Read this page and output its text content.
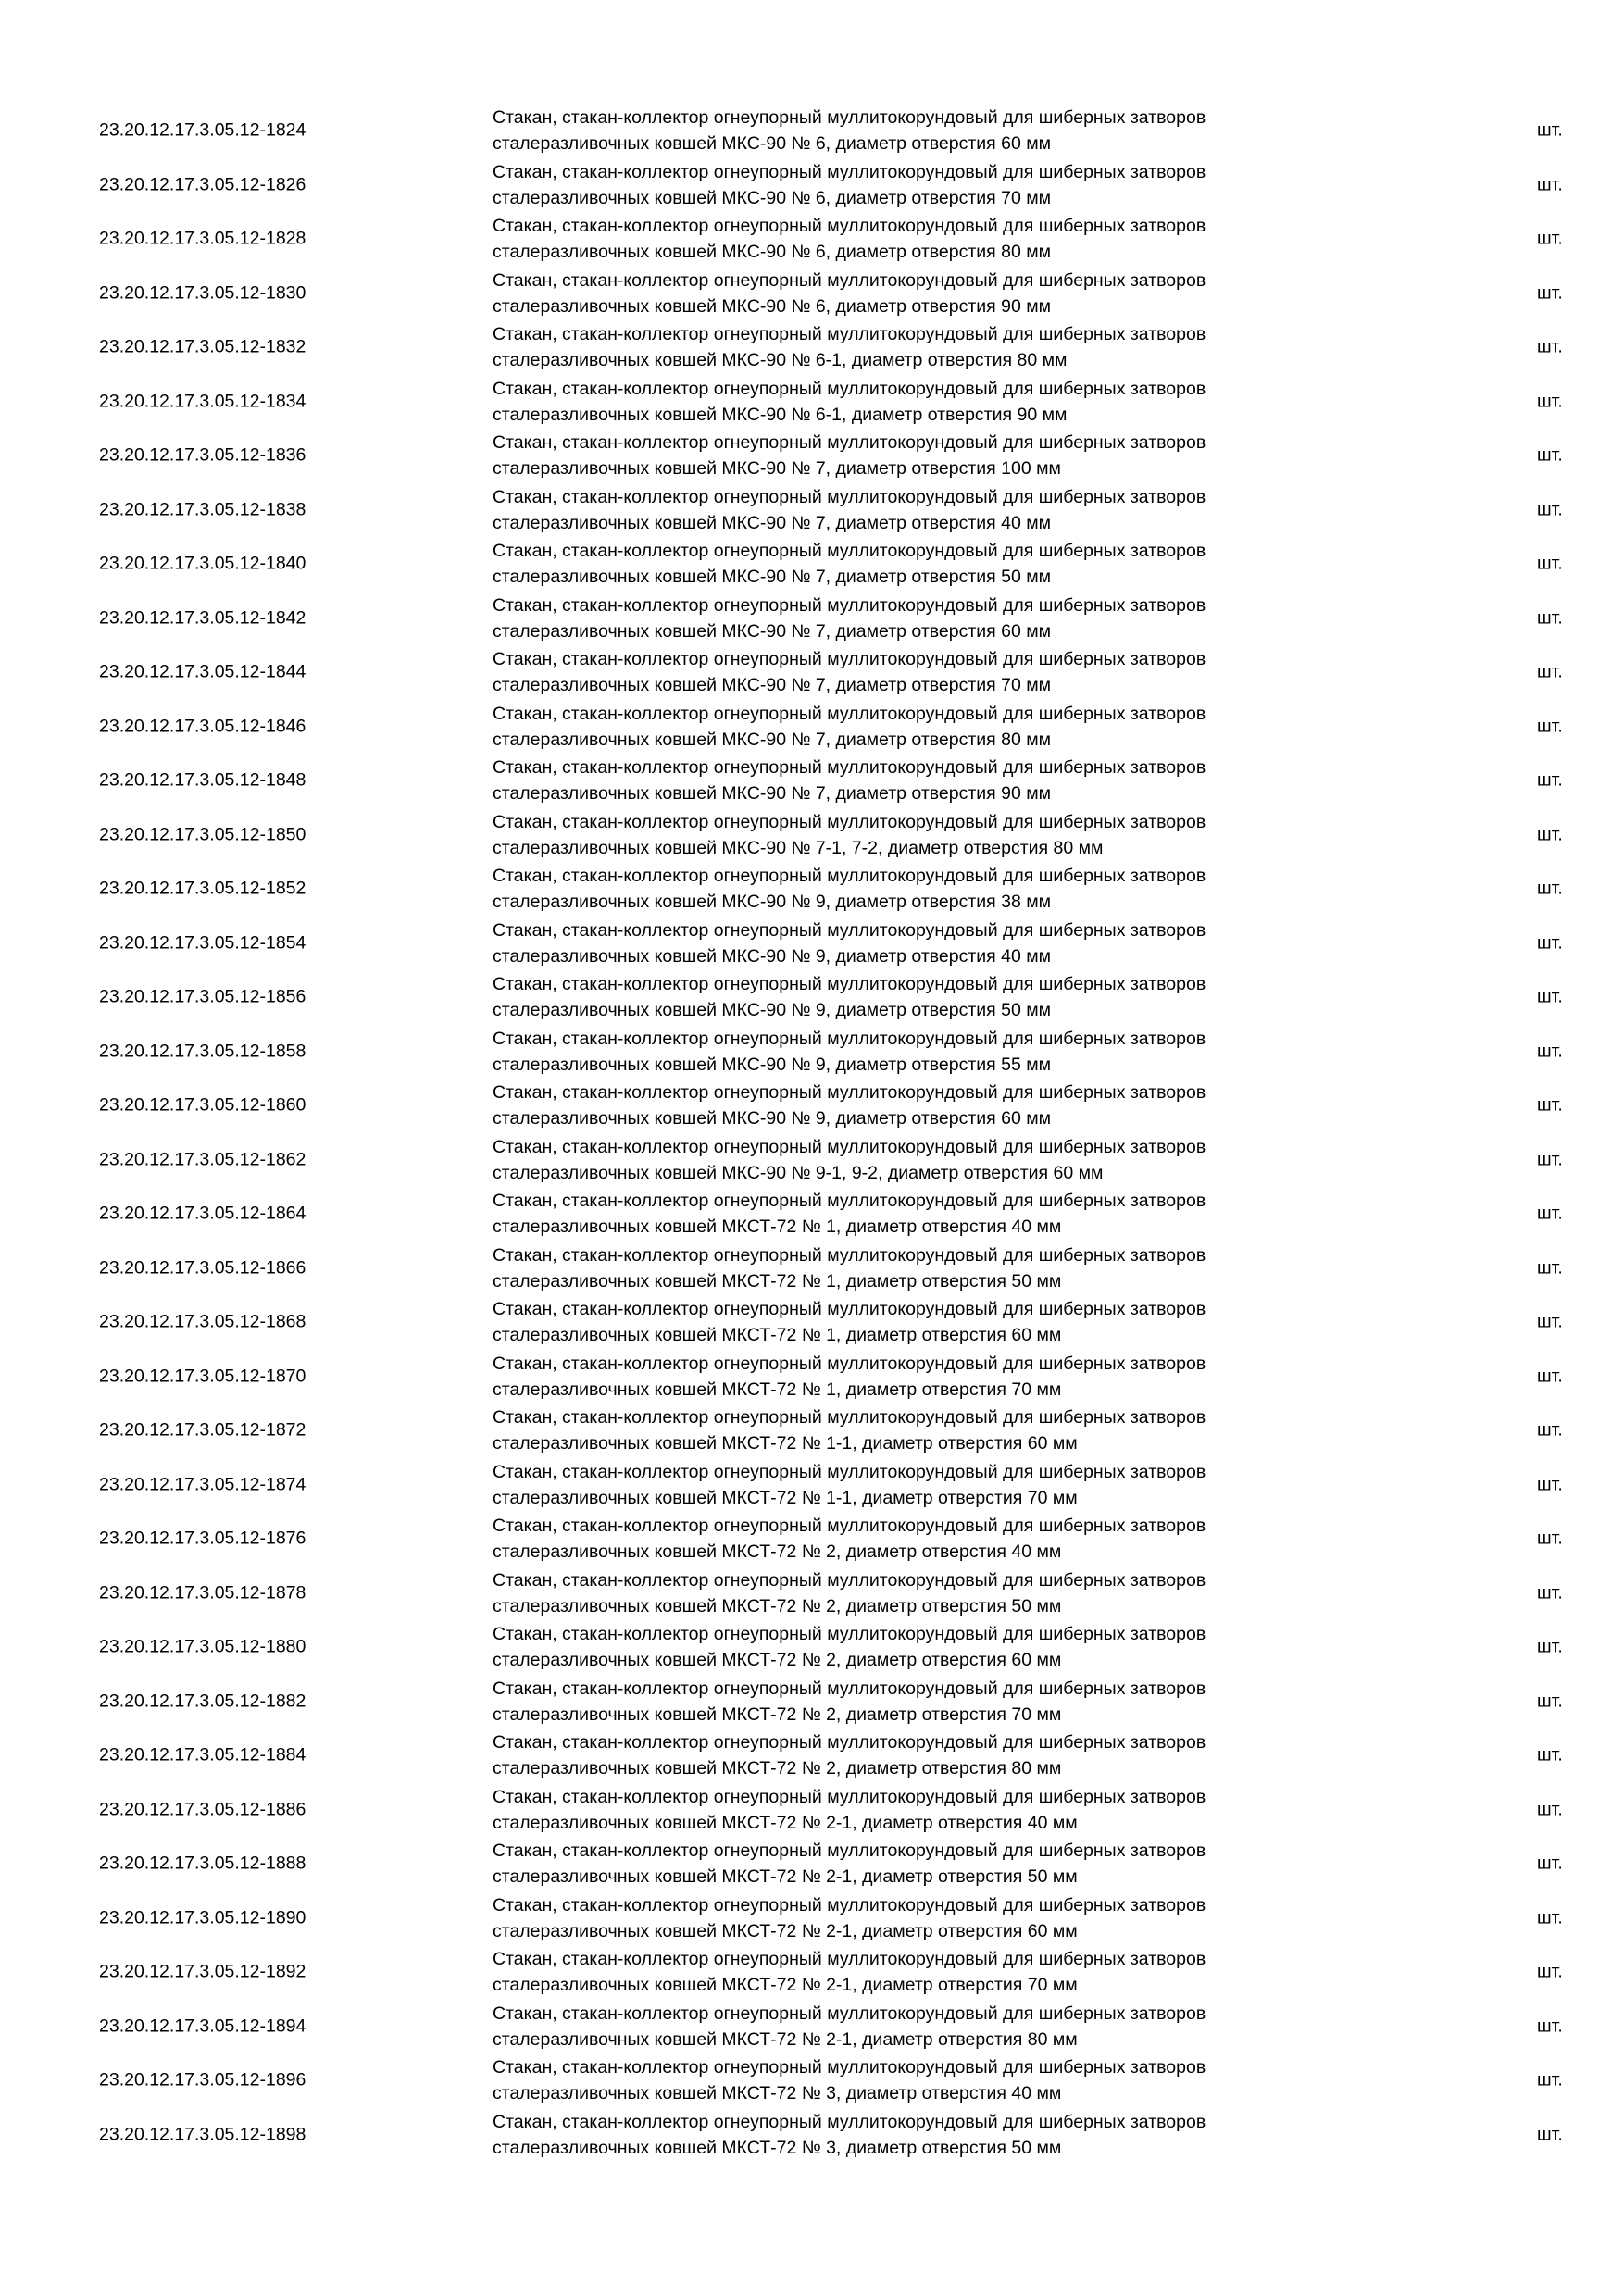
23.20.12.17.3.05.12-1824
Стакан, стакан-коллектор огнеупорный муллитокорундовый для шиберных затворов
сталеразливочных ковшей МКС-90 № 6, диаметр отверстия 60 мм
шт.
23.20.12.17.3.05.12-1826
Стакан, стакан-коллектор огнеупорный муллитокорундовый для шиберных затворов
сталеразливочных ковшей МКС-90 № 6, диаметр отверстия 70 мм
шт.
23.20.12.17.3.05.12-1828
Стакан, стакан-коллектор огнеупорный муллитокорундовый для шиберных затворов
сталеразливочных ковшей МКС-90 № 6, диаметр отверстия 80 мм
шт.
23.20.12.17.3.05.12-1830
Стакан, стакан-коллектор огнеупорный муллитокорундовый для шиберных затворов
сталеразливочных ковшей МКС-90 № 6, диаметр отверстия 90 мм
шт.
23.20.12.17.3.05.12-1832
Стакан, стакан-коллектор огнеупорный муллитокорундовый для шиберных затворов
сталеразливочных ковшей МКС-90 № 6-1, диаметр отверстия 80 мм
шт.
23.20.12.17.3.05.12-1834
Стакан, стакан-коллектор огнеупорный муллитокорундовый для шиберных затворов
сталеразливочных ковшей МКС-90 № 6-1, диаметр отверстия 90 мм
шт.
23.20.12.17.3.05.12-1836
Стакан, стакан-коллектор огнеупорный муллитокорундовый для шиберных затворов
сталеразливочных ковшей МКС-90 № 7, диаметр отверстия 100 мм
шт.
23.20.12.17.3.05.12-1838
Стакан, стакан-коллектор огнеупорный муллитокорундовый для шиберных затворов
сталеразливочных ковшей МКС-90 № 7, диаметр отверстия 40 мм
шт.
23.20.12.17.3.05.12-1840
Стакан, стакан-коллектор огнеупорный муллитокорундовый для шиберных затворов
сталеразливочных ковшей МКС-90 № 7, диаметр отверстия 50 мм
шт.
23.20.12.17.3.05.12-1842
Стакан, стакан-коллектор огнеупорный муллитокорундовый для шиберных затворов
сталеразливочных ковшей МКС-90 № 7, диаметр отверстия 60 мм
шт.
23.20.12.17.3.05.12-1844
Стакан, стакан-коллектор огнеупорный муллитокорундовый для шиберных затворов
сталеразливочных ковшей МКС-90 № 7, диаметр отверстия 70 мм
шт.
23.20.12.17.3.05.12-1846
Стакан, стакан-коллектор огнеупорный муллитокорундовый для шиберных затворов
сталеразливочных ковшей МКС-90 № 7, диаметр отверстия 80 мм
шт.
23.20.12.17.3.05.12-1848
Стакан, стакан-коллектор огнеупорный муллитокорундовый для шиберных затворов
сталеразливочных ковшей МКС-90 № 7, диаметр отверстия 90 мм
шт.
23.20.12.17.3.05.12-1850
Стакан, стакан-коллектор огнеупорный муллитокорундовый для шиберных затворов
сталеразливочных ковшей МКС-90 № 7-1, 7-2, диаметр отверстия 80 мм
шт.
23.20.12.17.3.05.12-1852
Стакан, стакан-коллектор огнеупорный муллитокорундовый для шиберных затворов
сталеразливочных ковшей МКС-90 № 9, диаметр отверстия 38 мм
шт.
23.20.12.17.3.05.12-1854
Стакан, стакан-коллектор огнеупорный муллитокорундовый для шиберных затворов
сталеразливочных ковшей МКС-90 № 9, диаметр отверстия 40 мм
шт.
23.20.12.17.3.05.12-1856
Стакан, стакан-коллектор огнеупорный муллитокорундовый для шиберных затворов
сталеразливочных ковшей МКС-90 № 9, диаметр отверстия 50 мм
шт.
23.20.12.17.3.05.12-1858
Стакан, стакан-коллектор огнеупорный муллитокорундовый для шиберных затворов
сталеразливочных ковшей МКС-90 № 9, диаметр отверстия 55 мм
шт.
23.20.12.17.3.05.12-1860
Стакан, стакан-коллектор огнеупорный муллитокорундовый для шиберных затворов
сталеразливочных ковшей МКС-90 № 9, диаметр отверстия 60 мм
шт.
23.20.12.17.3.05.12-1862
Стакан, стакан-коллектор огнеупорный муллитокорундовый для шиберных затворов
сталеразливочных ковшей МКС-90 № 9-1, 9-2, диаметр отверстия 60 мм
шт.
23.20.12.17.3.05.12-1864
Стакан, стакан-коллектор огнеупорный муллитокорундовый для шиберных затворов
сталеразливочных ковшей МКСТ-72 № 1, диаметр отверстия 40 мм
шт.
23.20.12.17.3.05.12-1866
Стакан, стакан-коллектор огнеупорный муллитокорундовый для шиберных затворов
сталеразливочных ковшей МКСТ-72 № 1, диаметр отверстия 50 мм
шт.
23.20.12.17.3.05.12-1868
Стакан, стакан-коллектор огнеупорный муллитокорундовый для шиберных затворов
сталеразливочных ковшей МКСТ-72 № 1, диаметр отверстия 60 мм
шт.
23.20.12.17.3.05.12-1870
Стакан, стакан-коллектор огнеупорный муллитокорундовый для шиберных затворов
сталеразливочных ковшей МКСТ-72 № 1, диаметр отверстия 70 мм
шт.
23.20.12.17.3.05.12-1872
Стакан, стакан-коллектор огнеупорный муллитокорундовый для шиберных затворов
сталеразливочных ковшей МКСТ-72 № 1-1, диаметр отверстия 60 мм
шт.
23.20.12.17.3.05.12-1874
Стакан, стакан-коллектор огнеупорный муллитокорундовый для шиберных затворов
сталеразливочных ковшей МКСТ-72 № 1-1, диаметр отверстия 70 мм
шт.
23.20.12.17.3.05.12-1876
Стакан, стакан-коллектор огнеупорный муллитокорундовый для шиберных затворов
сталеразливочных ковшей МКСТ-72 № 2, диаметр отверстия 40 мм
шт.
23.20.12.17.3.05.12-1878
Стакан, стакан-коллектор огнеупорный муллитокорундовый для шиберных затворов
сталеразливочных ковшей МКСТ-72 № 2, диаметр отверстия 50 мм
шт.
23.20.12.17.3.05.12-1880
Стакан, стакан-коллектор огнеупорный муллитокорундовый для шиберных затворов
сталеразливочных ковшей МКСТ-72 № 2, диаметр отверстия 60 мм
шт.
23.20.12.17.3.05.12-1882
Стакан, стакан-коллектор огнеупорный муллитокорундовый для шиберных затворов
сталеразливочных ковшей МКСТ-72 № 2, диаметр отверстия 70 мм
шт.
23.20.12.17.3.05.12-1884
Стакан, стакан-коллектор огнеупорный муллитокорундовый для шиберных затворов
сталеразливочных ковшей МКСТ-72 № 2, диаметр отверстия 80 мм
шт.
23.20.12.17.3.05.12-1886
Стакан, стакан-коллектор огнеупорный муллитокорундовый для шиберных затворов
сталеразливочных ковшей МКСТ-72 № 2-1, диаметр отверстия 40 мм
шт.
23.20.12.17.3.05.12-1888
Стакан, стакан-коллектор огнеупорный муллитокорундовый для шиберных затворов
сталеразливочных ковшей МКСТ-72 № 2-1, диаметр отверстия 50 мм
шт.
23.20.12.17.3.05.12-1890
Стакан, стакан-коллектор огнеупорный муллитокорундовый для шиберных затворов
сталеразливочных ковшей МКСТ-72 № 2-1, диаметр отверстия 60 мм
шт.
23.20.12.17.3.05.12-1892
Стакан, стакан-коллектор огнеупорный муллитокорундовый для шиберных затворов
сталеразливочных ковшей МКСТ-72 № 2-1, диаметр отверстия 70 мм
шт.
23.20.12.17.3.05.12-1894
Стакан, стакан-коллектор огнеупорный муллитокорундовый для шиберных затворов
сталеразливочных ковшей МКСТ-72 № 2-1, диаметр отверстия 80 мм
шт.
23.20.12.17.3.05.12-1896
Стакан, стакан-коллектор огнеупорный муллитокорундовый для шиберных затворов
сталеразливочных ковшей МКСТ-72 № 3, диаметр отверстия 40 мм
шт.
23.20.12.17.3.05.12-1898
Стакан, стакан-коллектор огнеупорный муллитокорундовый для шиберных затворов
сталеразливочных ковшей МКСТ-72 № 3, диаметр отверстия 50 мм
шт.
